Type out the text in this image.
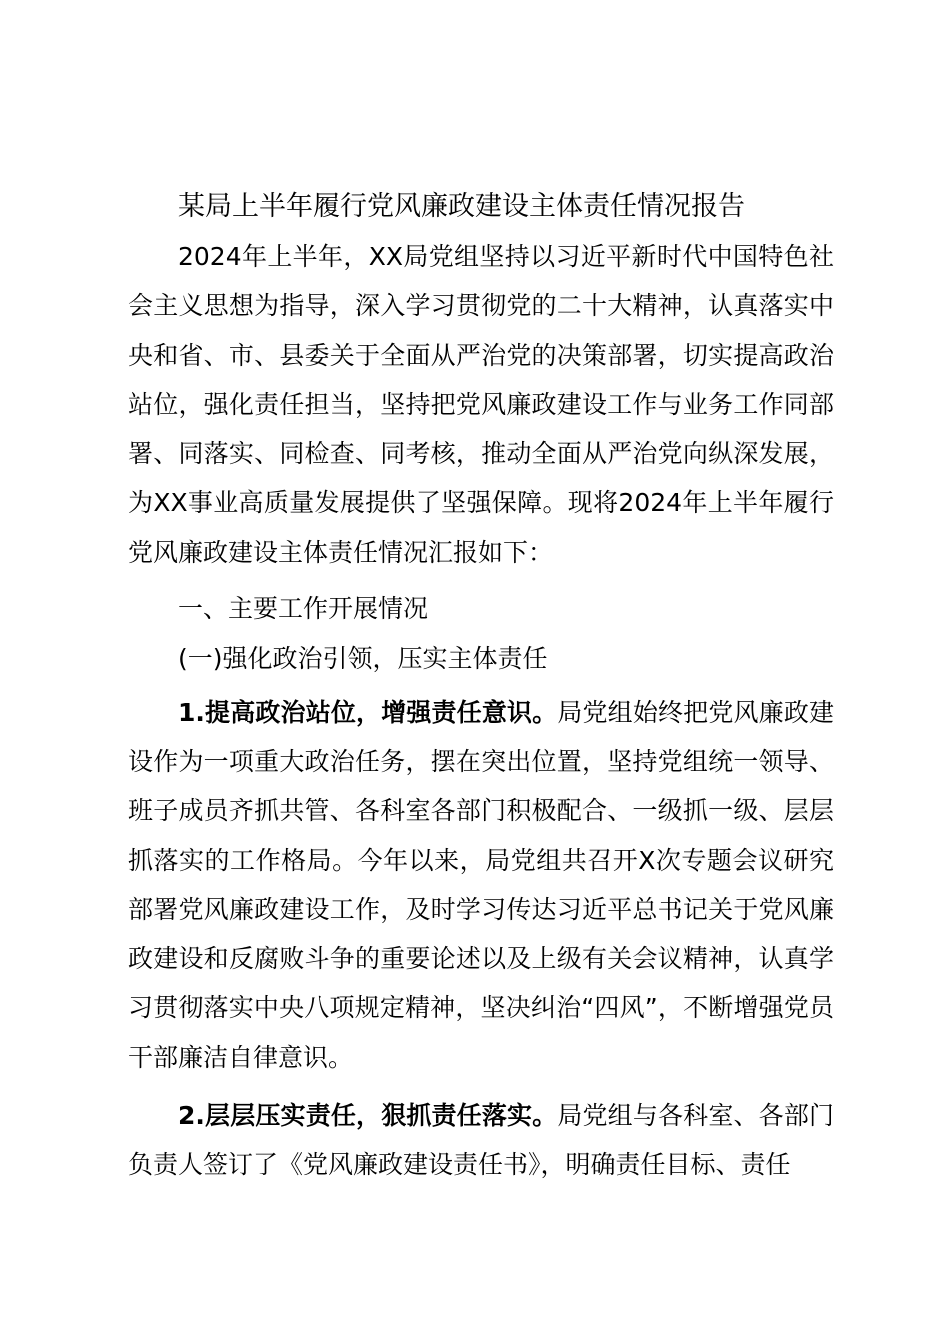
某局上半年履行党风廉政建设主体责任情况报告

2024年上半年，XX局党组坚持以习近平新时代中国特色社会主义思想为指导，深入学习贯彻党的二十大精神，认真落实中央和省、市、县委关于全面从严治党的决策部署，切实提高政治站位，强化责任担当，坚持把党风廉政建设工作与业务工作同部署、同落实、同检查、同考核，推动全面从严治党向纵深发展，为XX事业高质量发展提供了坚强保障。现将2024年上半年履行党风廉政建设主体责任情况汇报如下：

一、主要工作开展情况

(一)强化政治引领，压实主体责任

1.提高政治站位，增强责任意识。局党组始终把党风廉政建设作为一项重大政治任务，摆在突出位置，坚持党组统一领导、班子成员齐抓共管、各科室各部门积极配合、一级抓一级、层层抓落实的工作格局。今年以来，局党组共召开X次专题会议研究部署党风廉政建设工作，及时学习传达习近平总书记关于党风廉政建设和反腐败斗争的重要论述以及上级有关会议精神，认真学习贯彻落实中央八项规定精神，坚决纠治“四风”，不断增强党员干部廉洁自律意识。

2.层层压实责任，狠抓责任落实。局党组与各科室、各部门负责人签订了《党风廉政建设责任书》，明确责任目标、责任
